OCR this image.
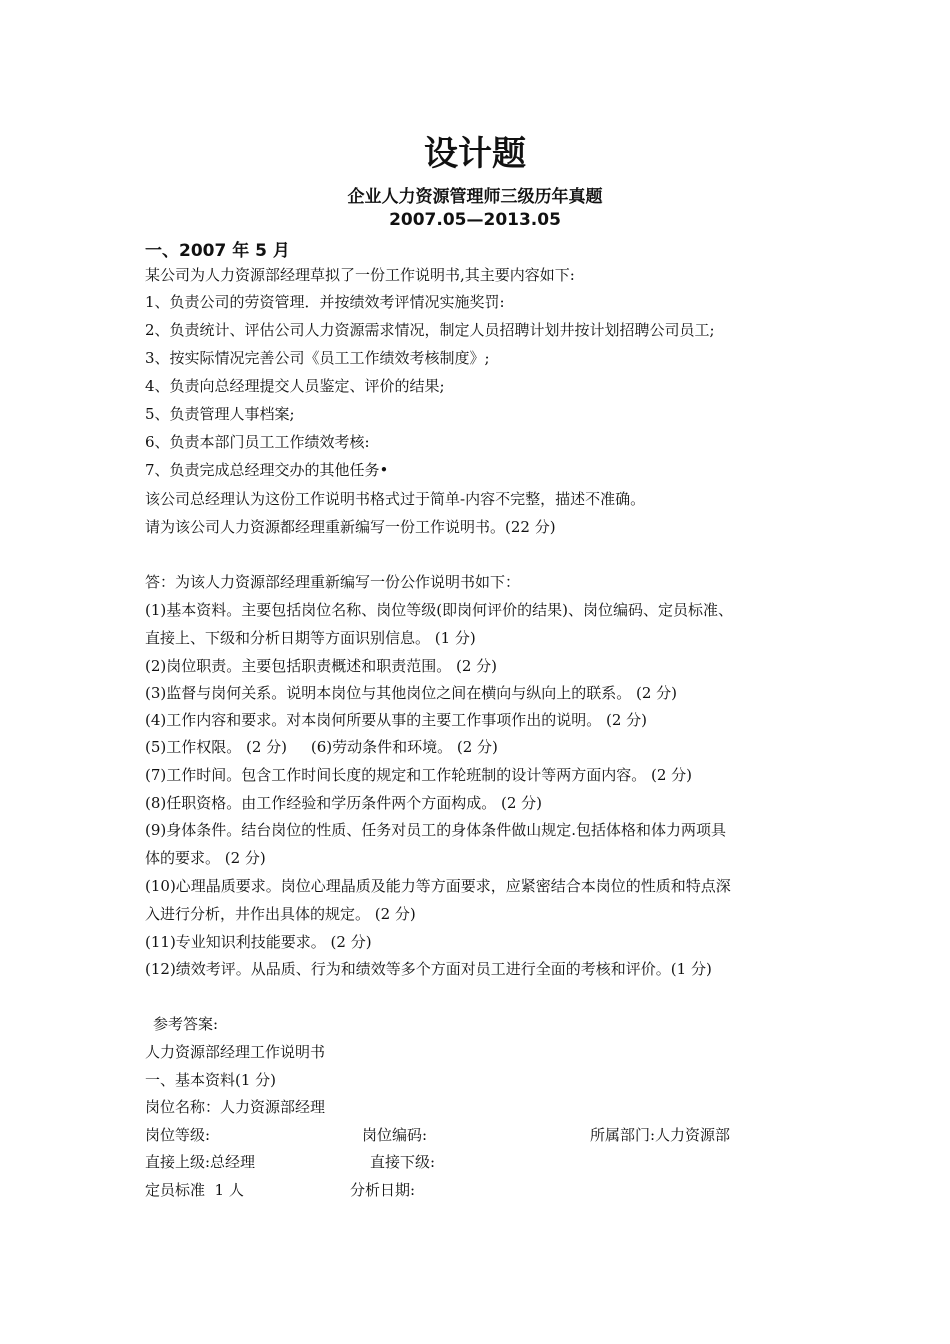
设计题
企业人力资源管理师三级历年真题
2007.05—2013.05
一、2007 年 5 月
某公司为人力资源部经理草拟了一份工作说明书,其主要内容如下:
1、负责公司的劳资管理．并按绩效考评情况实施奖罚:
2、负责统计、评估公司人力资源需求情况，制定人员招聘计划井按计划招聘公司员工;
3、按实际情况完善公司《员工工作绩效考核制度》;
4、负责向总经理提交人员鉴定、评价的结果;
5、负责管理人事档案;
6、负责本部门员工工作绩效考核:
7、负责完成总经理交办的其他任务•
该公司总经理认为这份工作说明书格式过于简单-内容不完整，描述不准确。
请为该公司人力资源都经理重新编写一份工作说明书。(22 分)
答：为该人力资源部经理重新编写一份公作说明书如下：
(1)基本资料。主要包括岗位名称、岗位等级(即岗何评价的结果)、岗位编码、定员标准、
直接上、下级和分析日期等方面识别信息。 (1 分)
(2)岗位职责。主要包括职责概述和职责范围。 (2 分)
(3)监督与岗何关系。说明本岗位与其他岗位之间在横向与纵向上的联系。 (2 分)
(4)工作内容和要求。对本岗何所要从事的主要工作事项作出的说明。 (2 分)
(5)工作权限。 (2 分)     (6)劳动条件和环境。 (2 分)
(7)工作时间。包含工作时间长度的规定和工作轮班制的设计等两方面内容。 (2 分)
(8)任职资格。由工作经验和学历条件两个方面构成。 (2 分)
(9)身体条件。结台岗位的性质、任务对员工的身体条件做山规定.包括体格和体力两项具
体的要求。 (2 分)
(10)心理晶质要求。岗位心理晶质及能力等方面要求，应紧密结合本岗位的性质和特点深
入进行分析，井作出具体的规定。 (2 分)
(11)专业知识利技能要求。 (2 分)
(12)绩效考评。从品质、行为和绩效等多个方面对员工进行全面的考核和评价。(1 分)
参考答案:
人力资源部经理工作说明书
一、基本资料(1 分)
岗位名称：人力资源部经理
岗位等级:	岗位编码:	所属部门:人力资源部
直接上级:总经理	直接下级:
定员标准  1 人	分析日期:
